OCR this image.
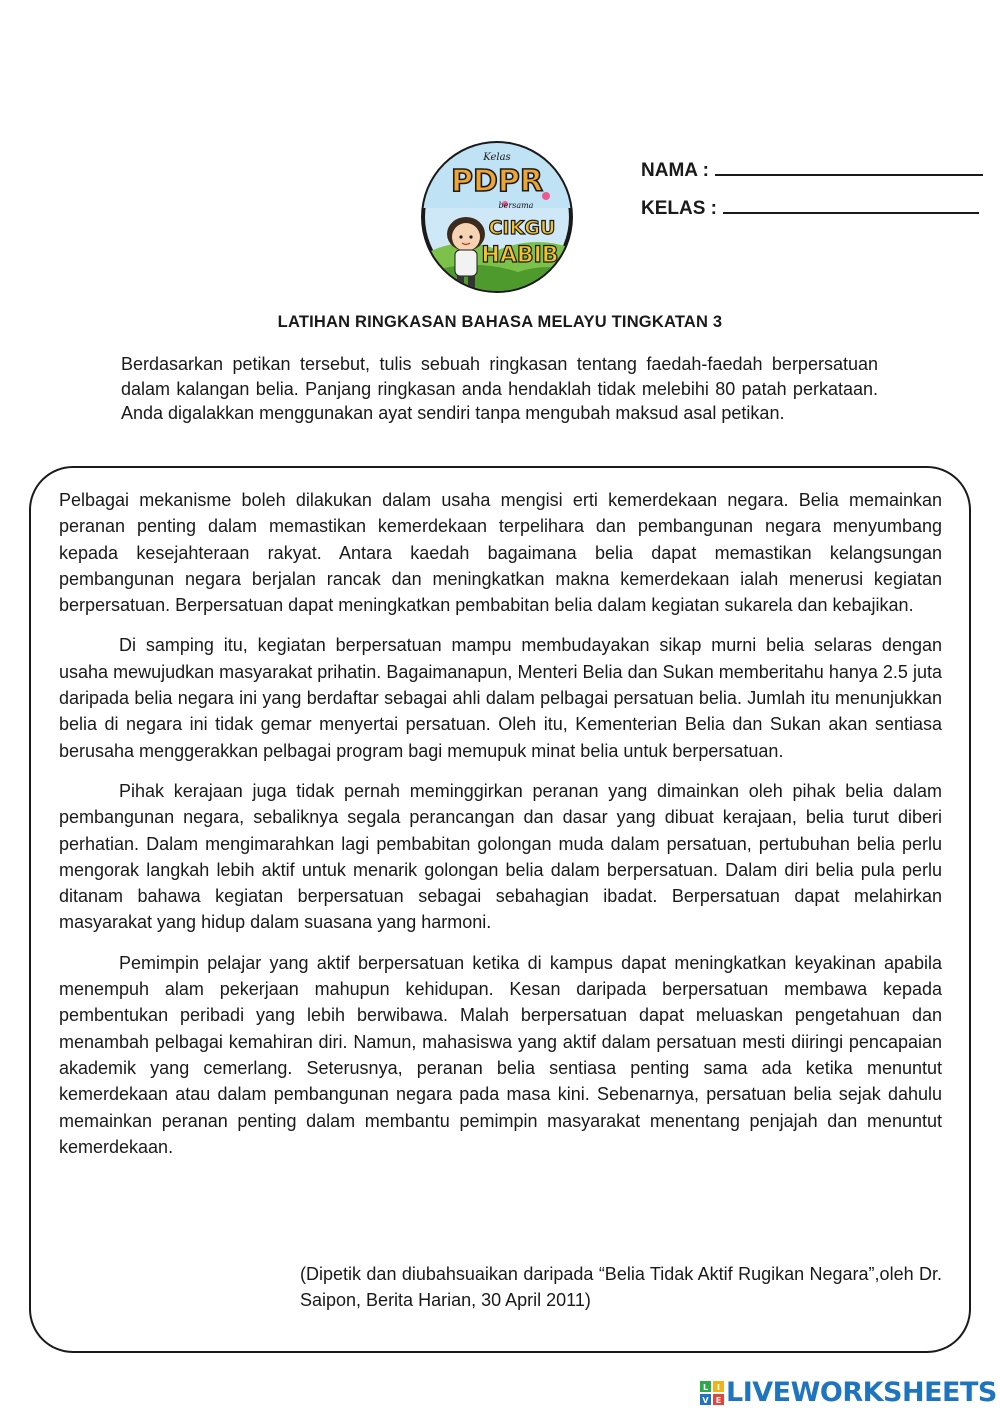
Kelas
PDPR
bersama
CIKGU
HABIB
NAMA :
KELAS :
LATIHAN RINGKASAN BAHASA MELAYU TINGKATAN 3
Berdasarkan petikan tersebut, tulis sebuah ringkasan tentang faedah-faedah berpersatuan dalam kalangan belia. Panjang ringkasan anda hendaklah tidak melebihi 80 patah perkataan. Anda digalakkan menggunakan ayat sendiri tanpa mengubah maksud asal petikan.

Pelbagai mekanisme boleh dilakukan dalam usaha mengisi erti kemerdekaan negara. Belia memainkan peranan penting dalam memastikan kemerdekaan terpelihara dan pembangunan negara menyumbang kepada kesejahteraan rakyat. Antara kaedah bagaimana belia dapat memastikan kelangsungan pembangunan negara berjalan rancak dan meningkatkan makna kemerdekaan ialah menerusi kegiatan berpersatuan. Berpersatuan dapat meningkatkan pembabitan belia dalam kegiatan sukarela dan kebajikan.

Di samping itu, kegiatan berpersatuan mampu membudayakan sikap murni belia selaras dengan usaha mewujudkan masyarakat prihatin. Bagaimanapun, Menteri Belia dan Sukan memberitahu hanya 2.5 juta daripada belia negara ini yang berdaftar sebagai ahli dalam pelbagai persatuan belia. Jumlah itu menunjukkan belia di negara ini tidak gemar menyertai persatuan. Oleh itu, Kementerian Belia dan Sukan akan sentiasa berusaha menggerakkan pelbagai program bagi memupuk minat belia untuk berpersatuan.

Pihak kerajaan juga tidak pernah meminggirkan peranan yang dimainkan oleh pihak belia dalam pembangunan negara, sebaliknya segala perancangan dan dasar yang dibuat kerajaan, belia turut diberi perhatian. Dalam mengimarahkan lagi pembabitan golongan muda dalam persatuan, pertubuhan belia perlu mengorak langkah lebih aktif untuk menarik golongan belia dalam berpersatuan. Dalam diri belia pula perlu ditanam bahawa kegiatan berpersatuan sebagai sebahagian ibadat. Berpersatuan dapat melahirkan masyarakat yang hidup dalam suasana yang harmoni.

Pemimpin pelajar yang aktif berpersatuan ketika di kampus dapat meningkatkan keyakinan apabila menempuh alam pekerjaan mahupun kehidupan. Kesan daripada berpersatuan membawa kepada pembentukan peribadi yang lebih berwibawa. Malah berpersatuan dapat meluaskan pengetahuan dan menambah pelbagai kemahiran diri. Namun, mahasiswa yang aktif dalam persatuan mesti diiringi pencapaian akademik yang cemerlang. Seterusnya, peranan belia sentiasa penting sama ada ketika menuntut kemerdekaan atau dalam pembangunan negara pada masa kini. Sebenarnya, persatuan belia sejak dahulu memainkan peranan penting dalam membantu pemimpin masyarakat menentang penjajah dan menuntut kemerdekaan.

(Dipetik dan diubahsuaikan daripada “Belia Tidak Aktif Rugikan Negara”,oleh Dr. Saipon, Berita Harian, 30 April 2011)
L I
V E LIVEWORKSHEETS
